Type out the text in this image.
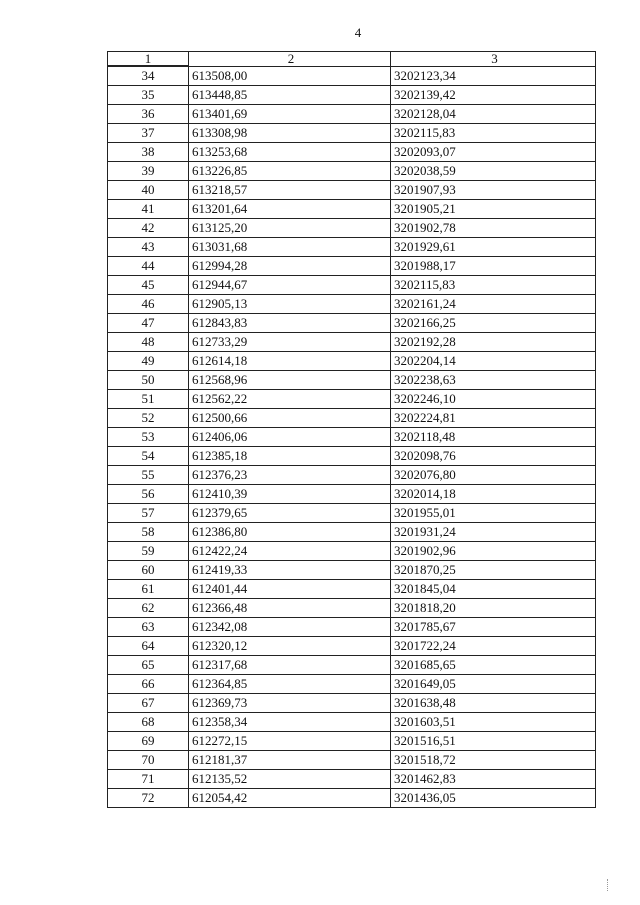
4
1	2	3
34	613508,00	3202123,34
35	613448,85	3202139,42
36	613401,69	3202128,04
37	613308,98	3202115,83
38	613253,68	3202093,07
39	613226,85	3202038,59
40	613218,57	3201907,93
41	613201,64	3201905,21
42	613125,20	3201902,78
43	613031,68	3201929,61
44	612994,28	3201988,17
45	612944,67	3202115,83
46	612905,13	3202161,24
47	612843,83	3202166,25
48	612733,29	3202192,28
49	612614,18	3202204,14
50	612568,96	3202238,63
51	612562,22	3202246,10
52	612500,66	3202224,81
53	612406,06	3202118,48
54	612385,18	3202098,76
55	612376,23	3202076,80
56	612410,39	3202014,18
57	612379,65	3201955,01
58	612386,80	3201931,24
59	612422,24	3201902,96
60	612419,33	3201870,25
61	612401,44	3201845,04
62	612366,48	3201818,20
63	612342,08	3201785,67
64	612320,12	3201722,24
65	612317,68	3201685,65
66	612364,85	3201649,05
67	612369,73	3201638,48
68	612358,34	3201603,51
69	612272,15	3201516,51
70	612181,37	3201518,72
71	612135,52	3201462,83
72	612054,42	3201436,05
